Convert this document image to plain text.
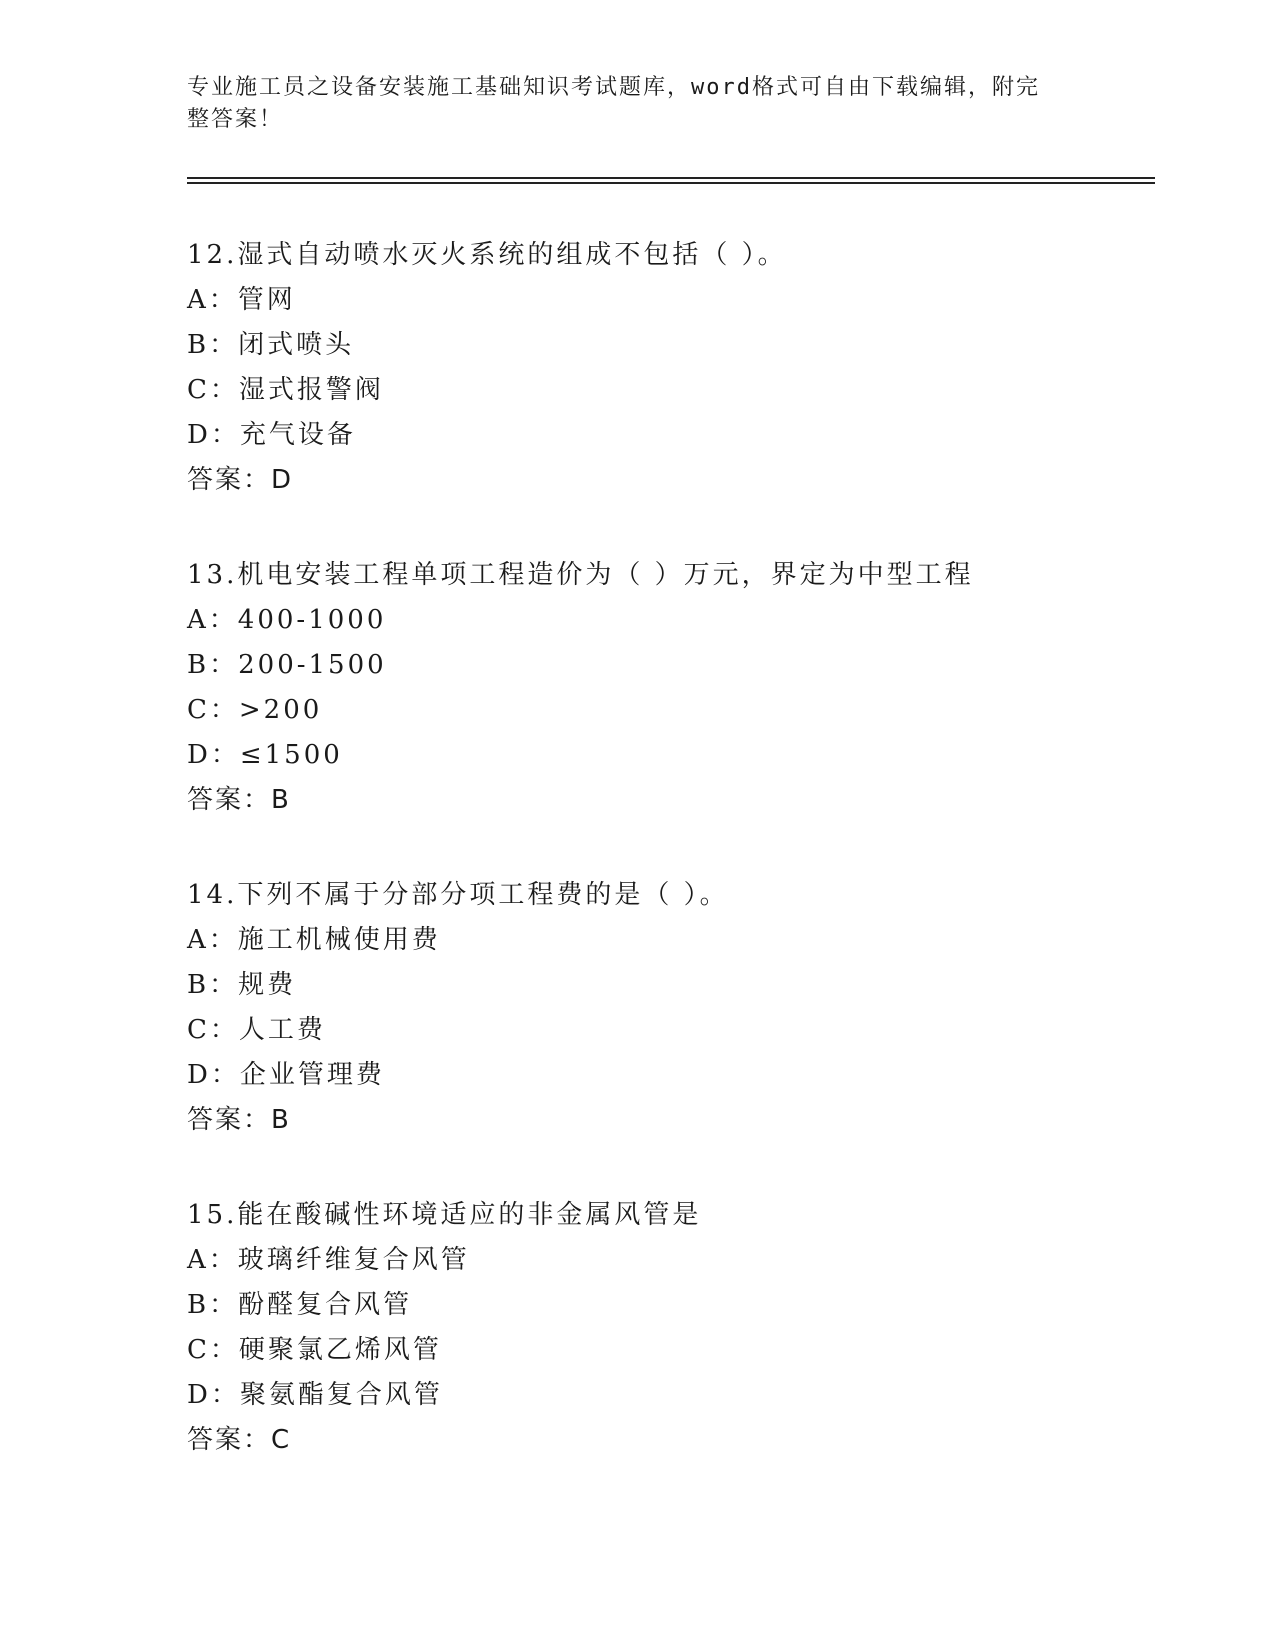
专业施工员之设备安装施工基础知识考试题库，word格式可自由下载编辑，附完
整答案！
12.湿式自动喷水灭火系统的组成不包括（ ）。
A：管网
B：闭式喷头
C：湿式报警阀
D：充气设备
答案：D
13.机电安装工程单项工程造价为（ ）万元，界定为中型工程
A：400-1000
B：200-1500
C：>200
D：≤1500
答案：B
14.下列不属于分部分项工程费的是（ ）。
A：施工机械使用费
B：规费
C：人工费
D：企业管理费
答案：B
15.能在酸碱性环境适应的非金属风管是
A：玻璃纤维复合风管
B：酚醛复合风管
C：硬聚氯乙烯风管
D：聚氨酯复合风管
答案：C
